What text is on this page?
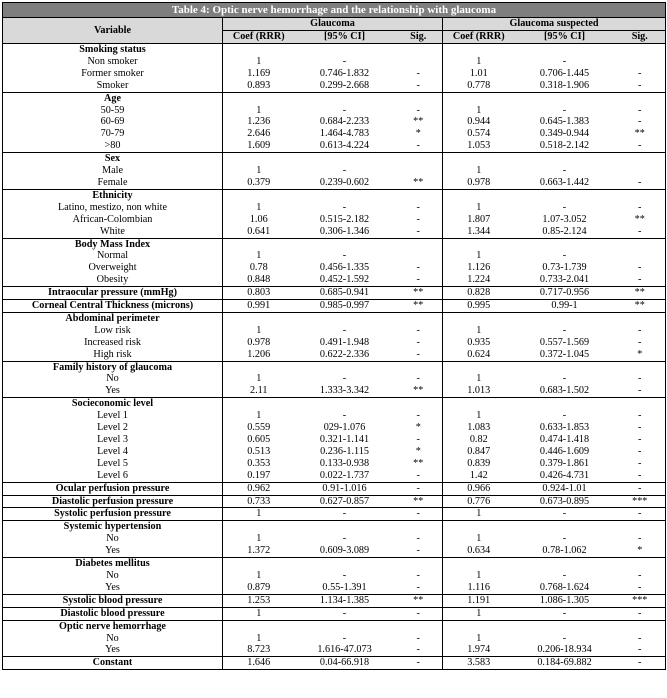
Table 4: Optic nerve hemorrhage and the relationship with glaucoma						
Variable	Glaucoma			Glaucoma suspected		
	Coef (RRR)	[95% CI]	Sig.	Coef (RRR)	[95% CI]	Sig.
Smoking status						
Non smoker	1	-		1	-	
Former smoker	1.169	0.746-1.832	-	1.01	0.706-1.445	-
Smoker	0.893	0.299-2.668	-	0.778	0.318-1.906	-
Age						
50-59	1	-	-	1	-	-
60-69	1.236	0.684-2.233	**	0.944	0.645-1.383	-
70-79	2.646	1.464-4.783	*	0.574	0.349-0.944	**
>80	1.609	0.613-4.224	-	1.053	0.518-2.142	-
Sex						
Male	1	-		1	-	
Female	0.379	0.239-0.602	**	0.978	0.663-1.442	-
Ethnicity						
Latino, mestizo, non white	1	-	-	1	-	-
African-Colombian	1.06	0.515-2.182	-	1.807	1.07-3.052	**
White	0.641	0.306-1.346	-	1.344	0.85-2.124	-
Body Mass Index						
Normal	1	-		1	-	
Overweight	0.78	0.456-1.335	-	1.126	0.73-1.739	-
Obesity	0.848	0.452-1.592	-	1.224	0.733-2.041	-
Intraocular pressure (mmHg)	0.803	0.685-0.941	**	0.828	0.717-0.956	**
Corneal Central Thickness (microns)	0.991	0.985-0.997	**	0.995	0.99-1	**
Abdominal perimeter						
Low risk	1	-	-	1	-	-
Increased risk	0.978	0.491-1.948	-	0.935	0.557-1.569	-
High risk	1.206	0.622-2.336	-	0.624	0.372-1.045	*
Family history of glaucoma						
No	1	-	-	1	-	-
Yes	2.11	1.333-3.342	**	1.013	0.683-1.502	-
Socieconomic level						
Level 1	1	-	-	1	-	-
Level 2	0.559	029-1.076	*	1.083	0.633-1.853	-
Level 3	0.605	0.321-1.141	-	0.82	0.474-1.418	-
Level 4	0.513	0.236-1.115	*	0.847	0.446-1.609	-
Level 5	0.353	0.133-0.938	**	0.839	0.379-1.861	-
Level 6	0.197	0.022-1.737	-	1.42	0.426-4.731	-
Ocular perfusion pressure	0.962	0.91-1.016	-	0.966	0.924-1.01	-
Diastolic perfusion pressure	0.733	0.627-0.857	**	0.776	0.673-0.895	***
Systolic perfusion pressure	1	-	-	1	-	-
Systemic hypertension						
No	1	-	-	1	-	-
Yes	1.372	0.609-3.089	-	0.634	0.78-1.062	*
Diabetes mellitus						
No	1	-	-	1	-	-
Yes	0.879	0.55-1.391	-	1.116	0.768-1.624	-
Systolic blood pressure	1.253	1.134-1.385	**	1.191	1.086-1.305	***
Diastolic blood pressure	1	-	-	1	-	-
Optic nerve hemorrhage						
No	1	-	-	1	-	-
Yes	8.723	1.616-47.073	-	1.974	0.206-18.934	-
Constant	1.646	0.04-66.918	-	3.583	0.184-69.882	-
